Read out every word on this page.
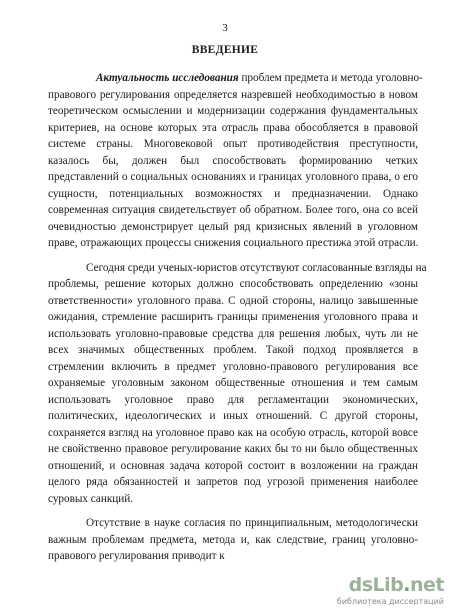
3
ВВЕДЕНИЕ
Актуальность исследования проблем предмета и метода уголовно-
правового регулирования определяется назревшей необходимостью в новом
теоретическом осмыслении и модернизации содержания фундаментальных
критериев, на основе которых эта отрасль права обособляется в правовой
системе страны. Многовековой опыт противодействия преступности,
казалось бы, должен был способствовать формированию четких
представлений о социальных основаниях и границах уголовного права, о его
сущности, потенциальных возможностях и предназначении. Однако
современная ситуация свидетельствует об обратном. Более того, она со всей
очевидностью демонстрирует целый ряд кризисных явлений в уголовном
праве, отражающих процессы снижения социального престижа этой отрасли.
Сегодня среди ученых-юристов отсутствуют согласованные взгляды на
проблемы, решение которых должно способствовать определению «зоны
ответственности» уголовного права. С одной стороны, налицо завышенные
ожидания, стремление расширить границы применения уголовного права и
использовать уголовно-правовые средства для решения любых, чуть ли не
всех значимых общественных проблем. Такой подход проявляется в
стремлении включить в предмет уголовно-правового регулирования все
охраняемые уголовным законом общественные отношения и тем самым
использовать уголовное право для регламентации экономических,
политических, идеологических и иных отношений. С другой стороны,
сохраняется взгляд на уголовное право как на особую отрасль, которой вовсе
не свойственно правовое регулирование каких бы то ни было общественных
отношений, и основная задача которой состоит в возложении на граждан
целого ряда обязанностей и запретов под угрозой применения наиболее
суровых санкций.
Отсутствие в науке согласия по принципиальным, методологически
важным проблемам предмета, метода и, как следствие, границ уголовно-
правового регулирования приводит к
dsLib.net
библиотека диссертаций
